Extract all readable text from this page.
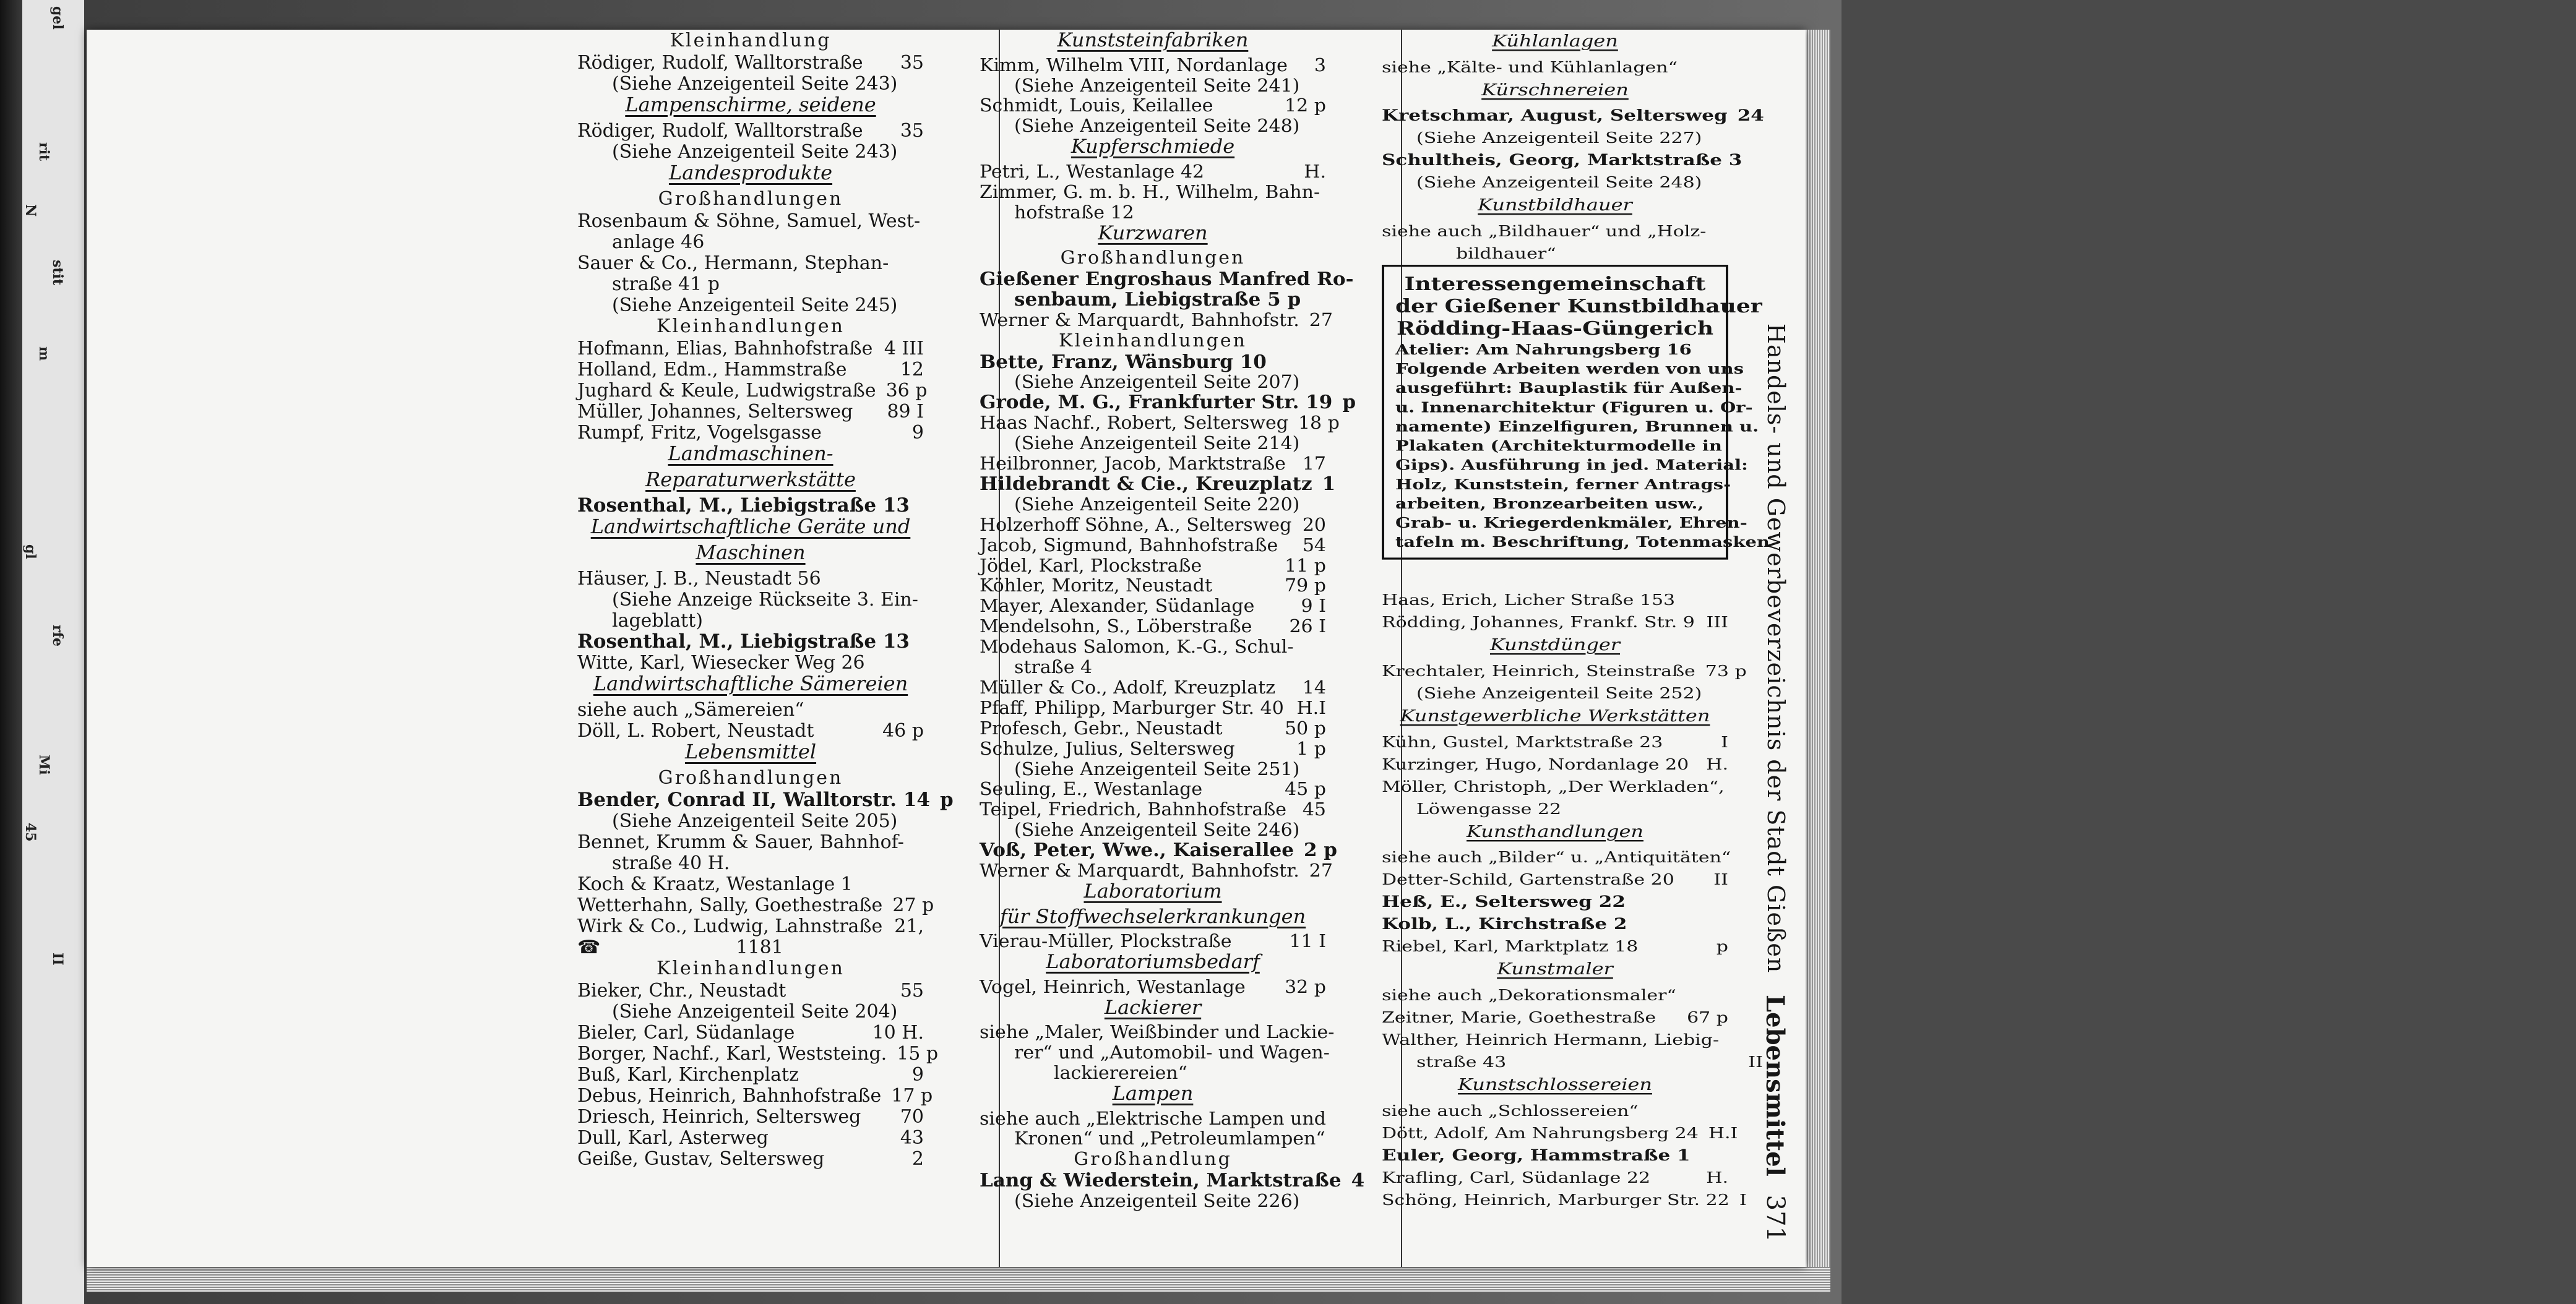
gel
rit
N
stit
m
gl
rfe
Mi
45
II	Handels- und Gewerbeverzeichnis der Stadt Gießen
Lebensmittel
371
Kühlanlagen
siehe „Kälte- und Kühlanlagen“
Kürschnereien
Kretschmar, August, Seltersweg 24
(Siehe Anzeigenteil Seite 227)
Schultheis, Georg, Marktstraße 3
(Siehe Anzeigenteil Seite 248)
Kunstbildhauer
siehe auch „Bildhauer“ und „Holz-
bildhauer“
Interessengemeinschaft
der Gießener Kunstbildhauer
Rödding-Haas-Güngerich
Atelier: Am Nahrungsberg 16
Folgende Arbeiten werden von uns
ausgeführt: Bauplastik für Außen-
u. Innenarchitektur (Figuren u. Or-
namente) Einzelfiguren, Brunnen u.
Plakaten (Architekturmodelle in
Gips). Ausführung in jed. Material:
Holz, Kunststein, ferner Antrags-
arbeiten, Bronzearbeiten usw.,
Grab- u. Kriegerdenkmäler, Ehren-
tafeln m. Beschriftung, Totenmasken
Haas, Erich, Licher Straße 153
Rödding, Johannes, Frankf. Str. 9 III
Kunstdünger
Krechtaler, Heinrich, Steinstraße 73 p
(Siehe Anzeigenteil Seite 252)
Kunstgewerbliche Werkstätten
Kühn, Gustel, Marktstraße 23	I
Kurzinger, Hugo, Nordanlage 20 H.
Möller, Christoph, „Der Werkladen“,
Löwengasse 22
Kunsthandlungen
siehe auch „Bilder“ u. „Antiquitäten“
Detter-Schild, Gartenstraße 20	II
Heß, E., Seltersweg 22
Kolb, L., Kirchstraße 2
Riebel, Karl, Marktplatz 18	p
Kunstmaler
siehe auch „Dekorationsmaler“
Zeitner, Marie, Goethestraße	67 p
Walther, Heinrich Hermann, Liebig-
straße 43	II
Kunstschlossereien
siehe auch „Schlossereien“
Dött, Adolf, Am Nahrungsberg 24 H.I
Euler, Georg, Hammstraße 1
Krafling, Carl, Südanlage 22	H.
Schöng, Heinrich, Marburger Str. 22 I
Kunststeinfabriken
Kimm, Wilhelm VIII, Nordanlage	3
(Siehe Anzeigenteil Seite 241)
Schmidt, Louis, Keilallee	12 p
(Siehe Anzeigenteil Seite 248)
Kupferschmiede
Petri, L., Westanlage 42	H.
Zimmer, G. m. b. H., Wilhelm, Bahn-
hofstraße 12
Kurzwaren
Großhandlungen
Gießener Engroshaus Manfred Ro-
senbaum, Liebigstraße 5 p
Werner & Marquardt, Bahnhofstr. 27
Kleinhandlungen
Bette, Franz, Wänsburg 10
(Siehe Anzeigenteil Seite 207)
Grode, M. G., Frankfurter Str. 19 p
Haas Nachf., Robert, Seltersweg 18 p
(Siehe Anzeigenteil Seite 214)
Heilbronner, Jacob, Marktstraße 17
Hildebrandt & Cie., Kreuzplatz 1
(Siehe Anzeigenteil Seite 220)
Holzerhoff Söhne, A., Seltersweg 20
Jacob, Sigmund, Bahnhofstraße	54
Jödel, Karl, Plockstraße	11 p
Köhler, Moritz, Neustadt	79 p
Mayer, Alexander, Südanlage	9 I
Mendelsohn, S., Löberstraße	26 I
Modehaus Salomon, K.-G., Schul-
straße 4
Müller & Co., Adolf, Kreuzplatz	14
Pfaff, Philipp, Marburger Str. 40 H.I
Profesch, Gebr., Neustadt	50 p
Schulze, Julius, Seltersweg	1 p
(Siehe Anzeigenteil Seite 251)
Seuling, E., Westanlage	45 p
Teipel, Friedrich, Bahnhofstraße 45
(Siehe Anzeigenteil Seite 246)
Voß, Peter, Wwe., Kaiserallee 2 p
Werner & Marquardt, Bahnhofstr. 27
Laboratorium
für Stoffwechselerkrankungen
Vierau-Müller, Plockstraße	11 I
Laboratoriumsbedarf
Vogel, Heinrich, Westanlage	32 p
Lackierer
siehe „Maler, Weißbinder und Lackie-
rer“ und „Automobil- und Wagen-
lackierereien“
Lampen
siehe auch „Elektrische Lampen und
Kronen“ und „Petroleumlampen“
Großhandlung
Lang & Wiederstein, Marktstraße 4
(Siehe Anzeigenteil Seite 226)
Kleinhandlung
Rödiger, Rudolf, Walltorstraße	35
(Siehe Anzeigenteil Seite 243)
Lampenschirme, seidene
Rödiger, Rudolf, Walltorstraße	35
(Siehe Anzeigenteil Seite 243)
Landesprodukte
Großhandlungen
Rosenbaum & Söhne, Samuel, West-
anlage 46
Sauer & Co., Hermann, Stephan-
straße 41 p
(Siehe Anzeigenteil Seite 245)
Kleinhandlungen
Hofmann, Elias, Bahnhofstraße 4 III
Holland, Edm., Hammstraße	12
Jughard & Keule, Ludwigstraße 36 p
Müller, Johannes, Seltersweg	89 I
Rumpf, Fritz, Vogelsgasse	9
Landmaschinen-
Reparaturwerkstätte
Rosenthal, M., Liebigstraße 13
Landwirtschaftliche Geräte und
Maschinen
Häuser, J. B., Neustadt 56
(Siehe Anzeige Rückseite 3. Ein-
lageblatt)
Rosenthal, M., Liebigstraße 13
Witte, Karl, Wiesecker Weg 26
Landwirtschaftliche Sämereien
siehe auch „Sämereien“
Döll, L. Robert, Neustadt	46 p
Lebensmittel
Großhandlungen
Bender, Conrad II, Walltorstr. 14 p
(Siehe Anzeigenteil Seite 205)
Bennet, Krumm & Sauer, Bahnhof-
straße 40 H.
Koch & Kraatz, Westanlage 1
Wetterhahn, Sally, Goethestraße 27 p
Wirk & Co., Ludwig, Lahnstraße 21,
☎	1181
Kleinhandlungen
Bieker, Chr., Neustadt	55
(Siehe Anzeigenteil Seite 204)
Bieler, Carl, Südanlage	10 H.
Borger, Nachf., Karl, Weststeing. 15 p
Buß, Karl, Kirchenplatz	9
Debus, Heinrich, Bahnhofstraße 17 p
Driesch, Heinrich, Seltersweg	70
Dull, Karl, Asterweg	43
Geiße, Gustav, Seltersweg	2
